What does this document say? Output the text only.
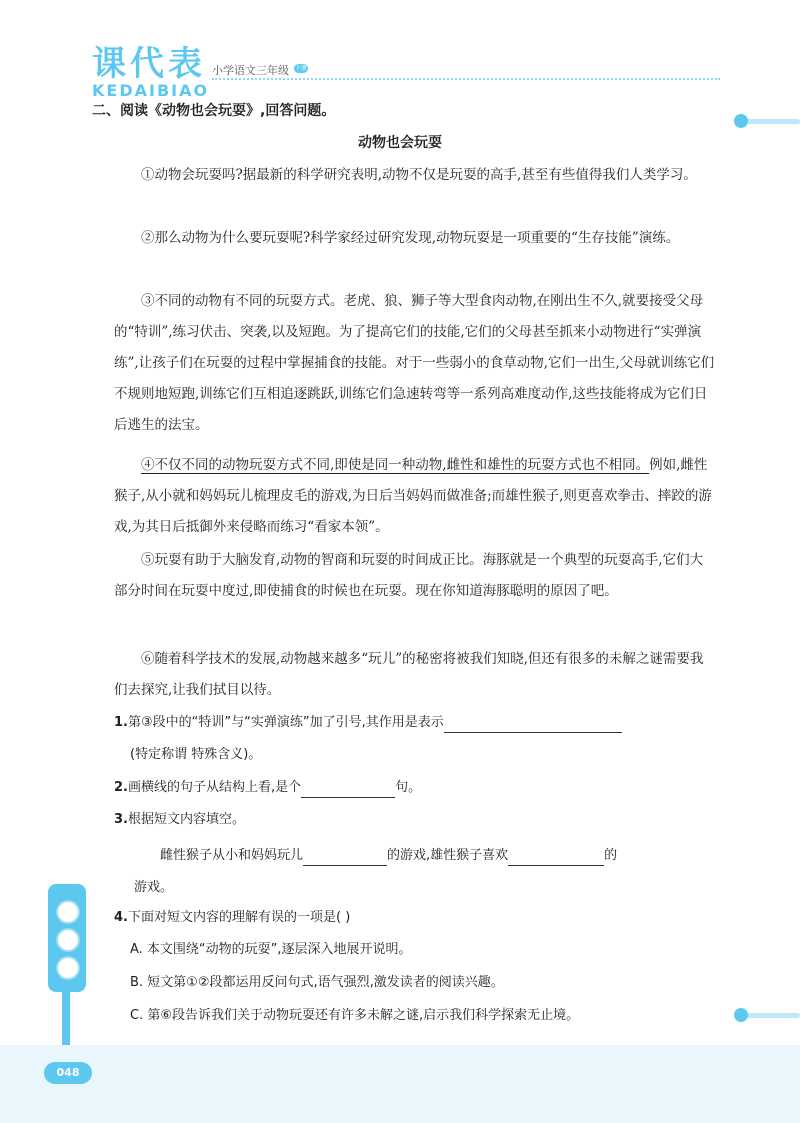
课代表
KEDAIBIAO
小学语文三年级 下册
二、阅读《动物也会玩耍》,回答问题。
动物也会玩耍
①动物会玩耍吗?据最新的科学研究表明,动物不仅是玩耍的高手,甚至有些值得我们人类学习。
②那么动物为什么要玩耍呢?科学家经过研究发现,动物玩耍是一项重要的“生存技能”演练。
③不同的动物有不同的玩耍方式。老虎、狼、狮子等大型食肉动物,在刚出生不久,就要接受父母的“特训”,练习伏击、突袭,以及短跑。为了提高它们的技能,它们的父母甚至抓来小动物进行“实弹演练”,让孩子们在玩耍的过程中掌握捕食的技能。对于一些弱小的食草动物,它们一出生,父母就训练它们不规则地短跑,训练它们互相追逐跳跃,训练它们急速转弯等一系列高难度动作,这些技能将成为它们日后逃生的法宝。
④不仅不同的动物玩耍方式不同,即使是同一种动物,雌性和雄性的玩耍方式也不相同。例如,雌性猴子,从小就和妈妈玩儿梳理皮毛的游戏,为日后当妈妈而做准备;而雄性猴子,则更喜欢拳击、摔跤的游戏,为其日后抵御外来侵略而练习“看家本领”。
⑤玩耍有助于大脑发育,动物的智商和玩耍的时间成正比。海豚就是一个典型的玩耍高手,它们大部分时间在玩耍中度过,即使捕食的时候也在玩耍。现在你知道海豚聪明的原因了吧。
⑥随着科学技术的发展,动物越来越多“玩儿”的秘密将被我们知晓,但还有很多的未解之谜需要我们去探究,让我们拭目以待。
1.第③段中的“特训”与“实弹演练”加了引号,其作用是表示
(特定称谓 特殊含义)。
2.画横线的句子从结构上看,是个	句。
3.根据短文内容填空。
雌性猴子从小和妈妈玩儿	的游戏,雄性猴子喜欢	的
游戏。
4.下面对短文内容的理解有误的一项是( )
A. 本文围绕“动物的玩耍”,逐层深入地展开说明。
B. 短文第①②段都运用反问句式,语气强烈,激发读者的阅读兴趣。
C. 第⑥段告诉我们关于动物玩耍还有许多未解之谜,启示我们科学探索无止境。
048
